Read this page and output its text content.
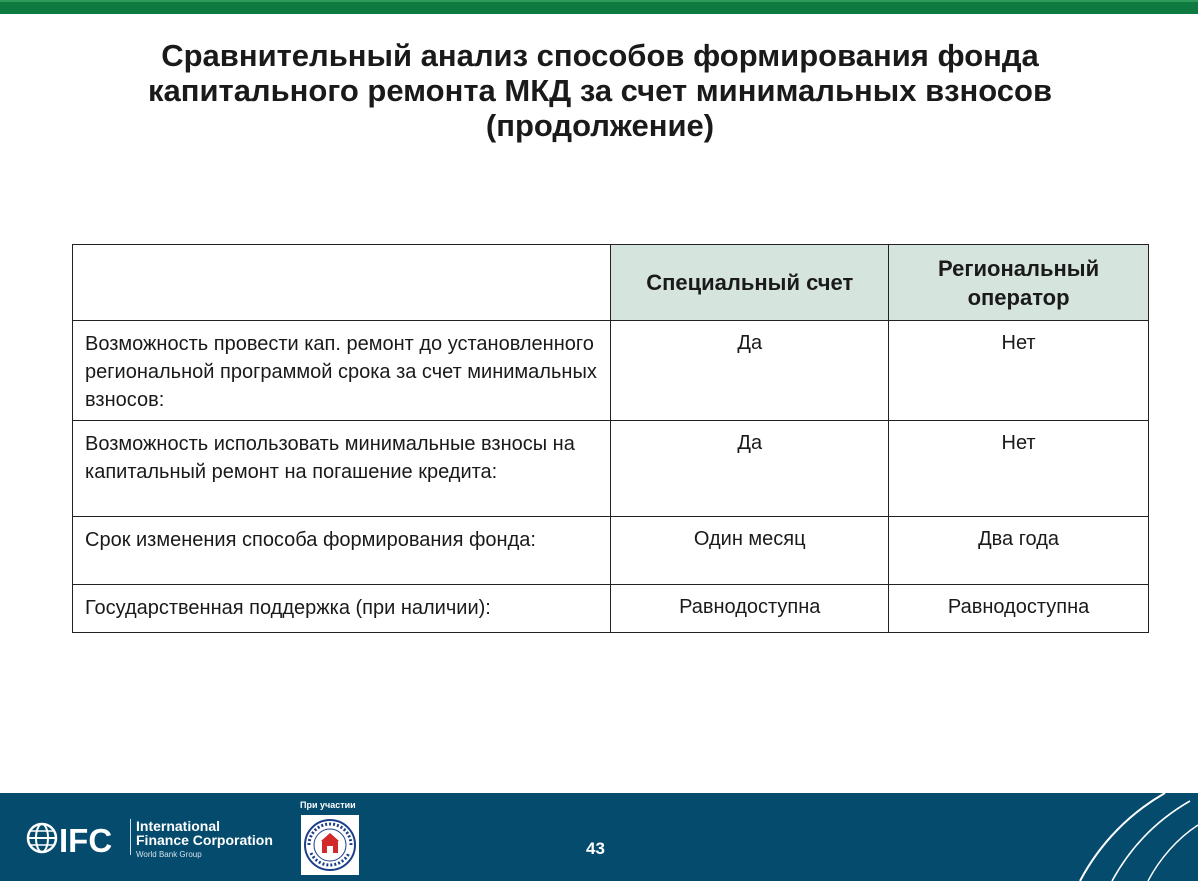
Сравнительный анализ способов формирования фонда
капитального ремонта МКД за счет минимальных взносов
(продолжение)
	Специальный счет	Региональный оператор
Возможность провести кап. ремонт до установленного региональной программой срока за счет минимальных взносов:	Да	Нет
Возможность использовать минимальные взносы на капитальный ремонт на погашение кредита:	Да	Нет
Срок изменения способа формирования фонда:	Один месяц	Два года
Государственная поддержка (при наличии):	Равнодоступна	Равнодоступна
IFC International
Finance Corporation
World Bank Group
При участии
43
